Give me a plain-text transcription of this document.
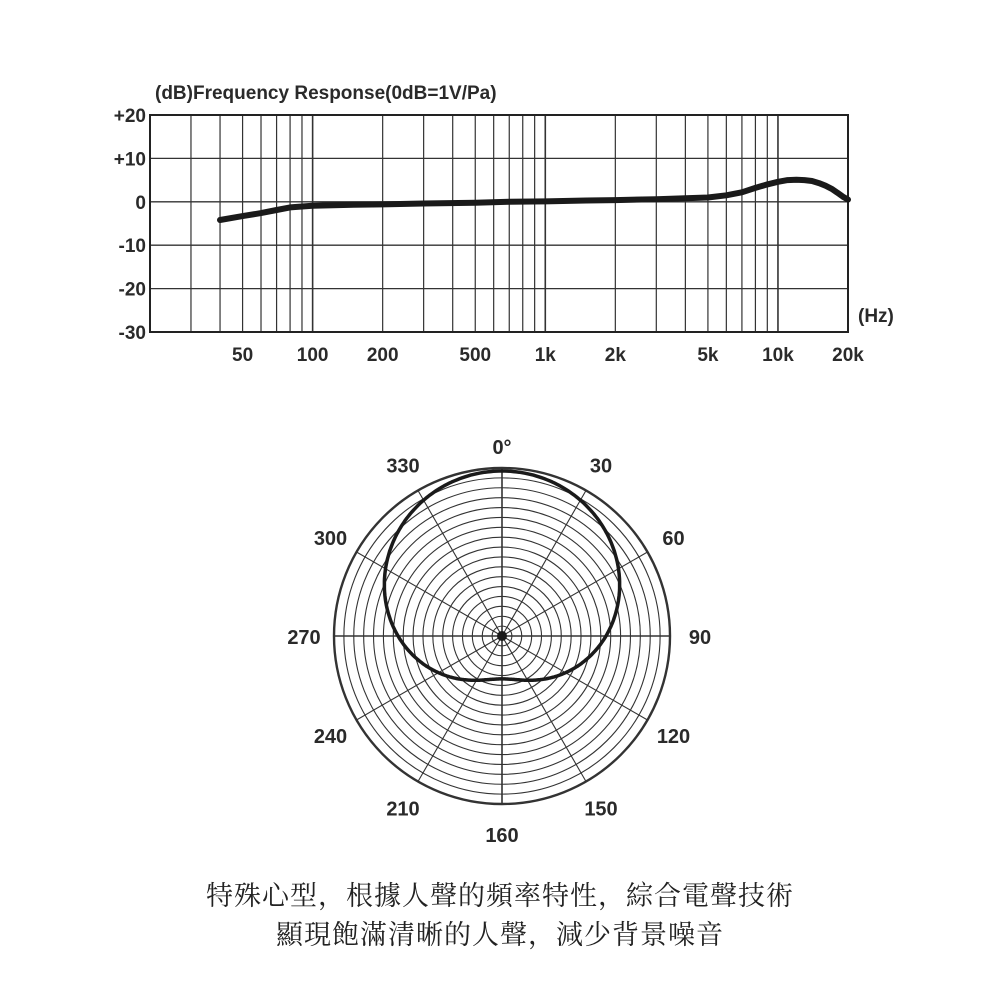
(dB)Frequency Response(0dB=1V/Pa)
(Hz)
50 100 200	500 1k	2k	5k 10k 20k
+20
+10
0
-10
-20
-30
0°
30
60
90
120
150
160
210
240
270
300
330
特殊心型，根據人聲的頻率特性，綜合電聲技術
顯現飽滿清晰的人聲，減少背景噪音
